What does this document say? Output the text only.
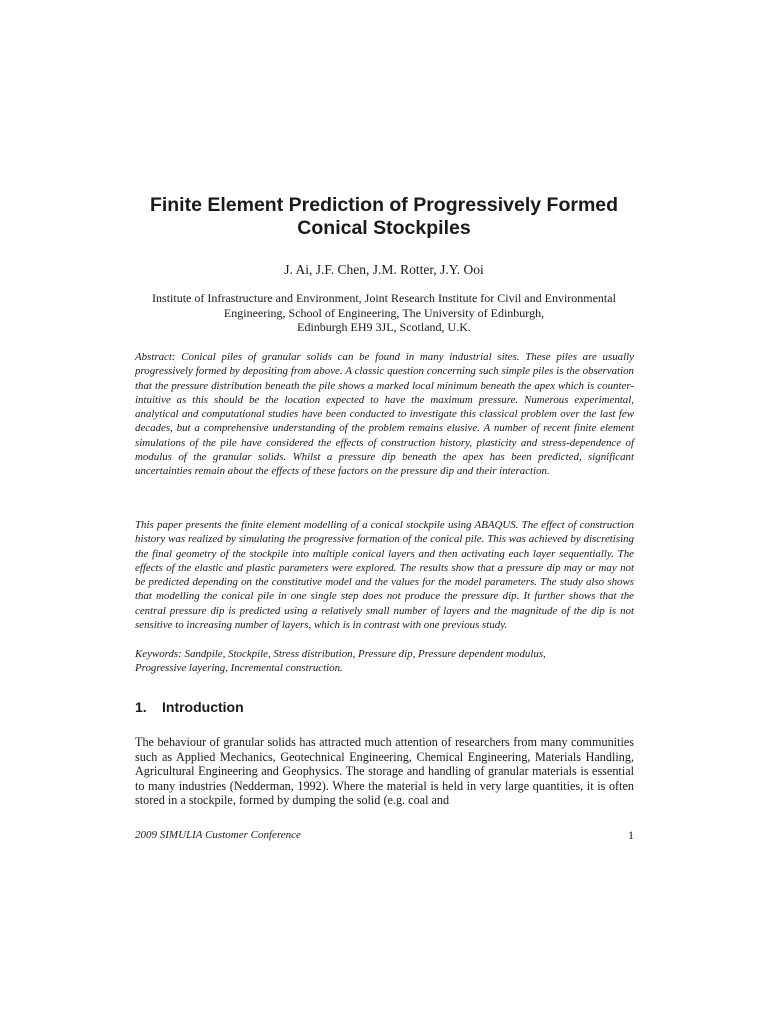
Finite Element Prediction of Progressively Formed
Conical Stockpiles
J. Ai, J.F. Chen, J.M. Rotter, J.Y. Ooi
Institute of Infrastructure and Environment, Joint Research Institute for Civil and Environmental
Engineering, School of Engineering, The University of Edinburgh,
Edinburgh EH9 3JL, Scotland, U.K.

Abstract: Conical piles of granular solids can be found in many industrial sites. These piles are usually progressively formed by depositing from above. A classic question concerning such simple piles is the observation that the pressure distribution beneath the pile shows a marked local minimum beneath the apex which is counter-intuitive as this should be the location expected to have the maximum pressure. Numerous experimental, analytical and computational studies have been conducted to investigate this classical problem over the last few decades, but a comprehensive understanding of the problem remains elusive. A number of recent finite element simulations of the pile have considered the effects of construction history, plasticity and stress-dependence of modulus of the granular solids. Whilst a pressure dip beneath the apex has been predicted, significant uncertainties remain about the effects of these factors on the pressure dip and their interaction.

This paper presents the finite element modelling of a conical stockpile using ABAQUS. The effect of construction history was realized by simulating the progressive formation of the conical pile. This was achieved by discretising the final geometry of the stockpile into multiple conical layers and then activating each layer sequentially. The effects of the elastic and plastic parameters were explored. The results show that a pressure dip may or may not be predicted depending on the constitutive model and the values for the model parameters. The study also shows that modelling the conical pile in one single step does not produce the pressure dip. It further shows that the central pressure dip is predicted using a relatively small number of layers and the magnitude of the dip is not sensitive to increasing number of layers, which is in contrast with one previous study.

Keywords: Sandpile, Stockpile, Stress distribution, Pressure dip, Pressure dependent modulus,
Progressive layering, Incremental construction.

1. Introduction

The behaviour of granular solids has attracted much attention of researchers from many communities such as Applied Mechanics, Geotechnical Engineering, Chemical Engineering, Materials Handling, Agricultural Engineering and Geophysics. The storage and handling of granular materials is essential to many industries (Nedderman, 1992). Where the material is held in very large quantities, it is often stored in a stockpile, formed by dumping the solid (e.g. coal and

2009 SIMULIA Customer Conference	1
